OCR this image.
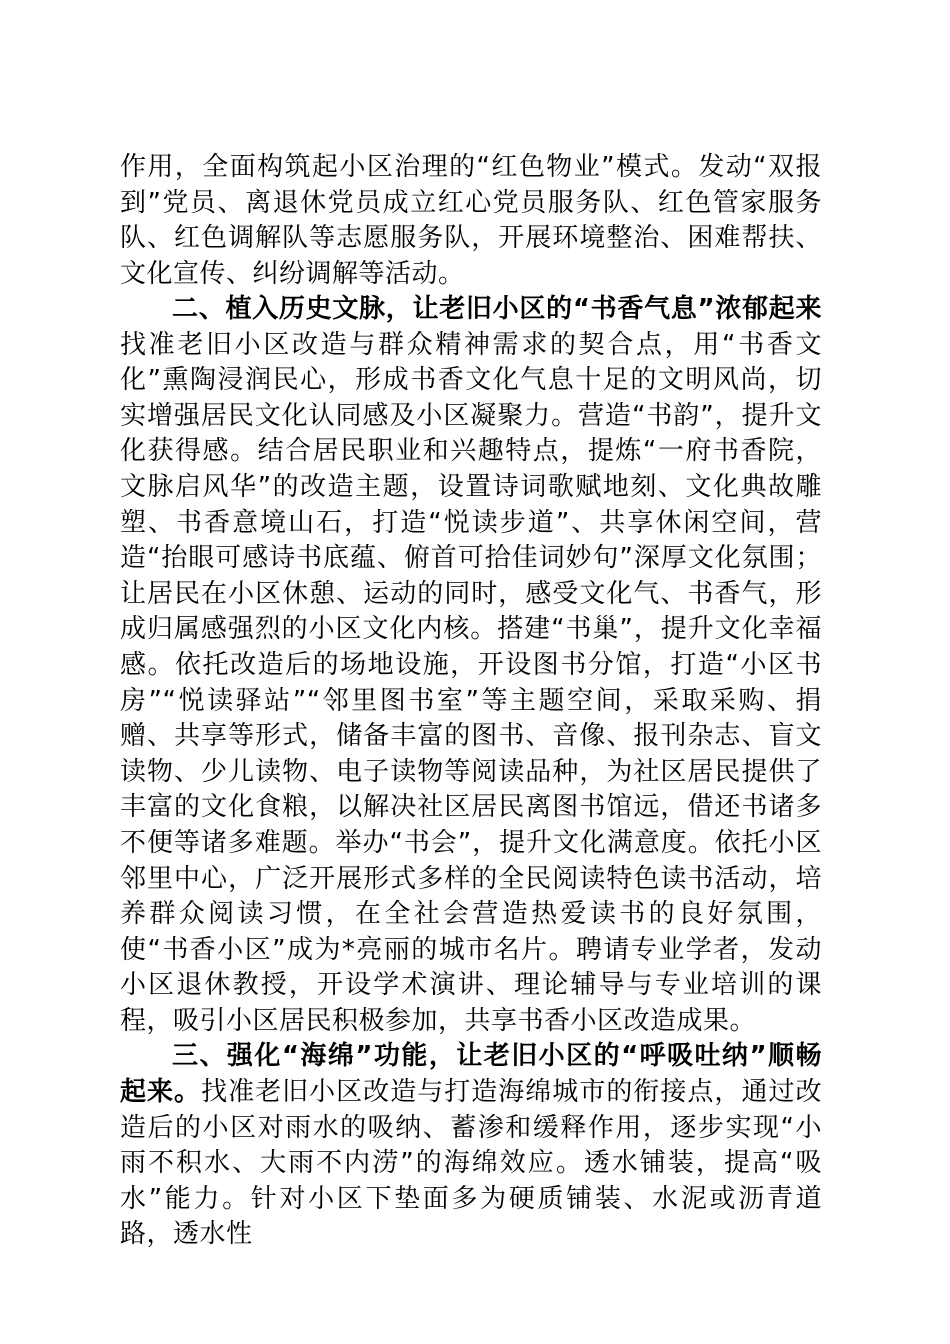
作用，全面构筑起小区治理的“红色物业”模式。发动“双报到”党员、离退休党员成立红心党员服务队、红色管家服务队、红色调解队等志愿服务队，开展环境整治、困难帮扶、文化宣传、纠纷调解等活动。

二、植入历史文脉，让老旧小区的“书香气息”浓郁起来找准老旧小区改造与群众精神需求的契合点，用“书香文化”熏陶浸润民心，形成书香文化气息十足的文明风尚，切实增强居民文化认同感及小区凝聚力。营造“书韵”，提升文化获得感。结合居民职业和兴趣特点，提炼“一府书香院，文脉启风华”的改造主题，设置诗词歌赋地刻、文化典故雕塑、书香意境山石，打造“悦读步道”、共享休闲空间，营造“抬眼可感诗书底蕴、俯首可拾佳词妙句”深厚文化氛围；让居民在小区休憩、运动的同时，感受文化气、书香气，形成归属感强烈的小区文化内核。搭建“书巢”，提升文化幸福感。依托改造后的场地设施，开设图书分馆，打造“小区书房”“悦读驿站”“邻里图书室”等主题空间，采取采购、捐赠、共享等形式，储备丰富的图书、音像、报刊杂志、盲文读物、少儿读物、电子读物等阅读品种，为社区居民提供了丰富的文化食粮，以解决社区居民离图书馆远，借还书诸多不便等诸多难题。举办“书会”，提升文化满意度。依托小区邻里中心，广泛开展形式多样的全民阅读特色读书活动，培养群众阅读习惯，在全社会营造热爱读书的良好氛围，使“书香小区”成为*亮丽的城市名片。聘请专业学者，发动小区退休教授，开设学术演讲、理论辅导与专业培训的课程，吸引小区居民积极参加，共享书香小区改造成果。

三、强化“海绵”功能，让老旧小区的“呼吸吐纳”顺畅起来。找准老旧小区改造与打造海绵城市的衔接点，通过改造后的小区对雨水的吸纳、蓄渗和缓释作用，逐步实现“小雨不积水、大雨不内涝”的海绵效应。透水铺装，提高“吸水”能力。针对小区下垫面多为硬质铺装、水泥或沥青道路，透水性
